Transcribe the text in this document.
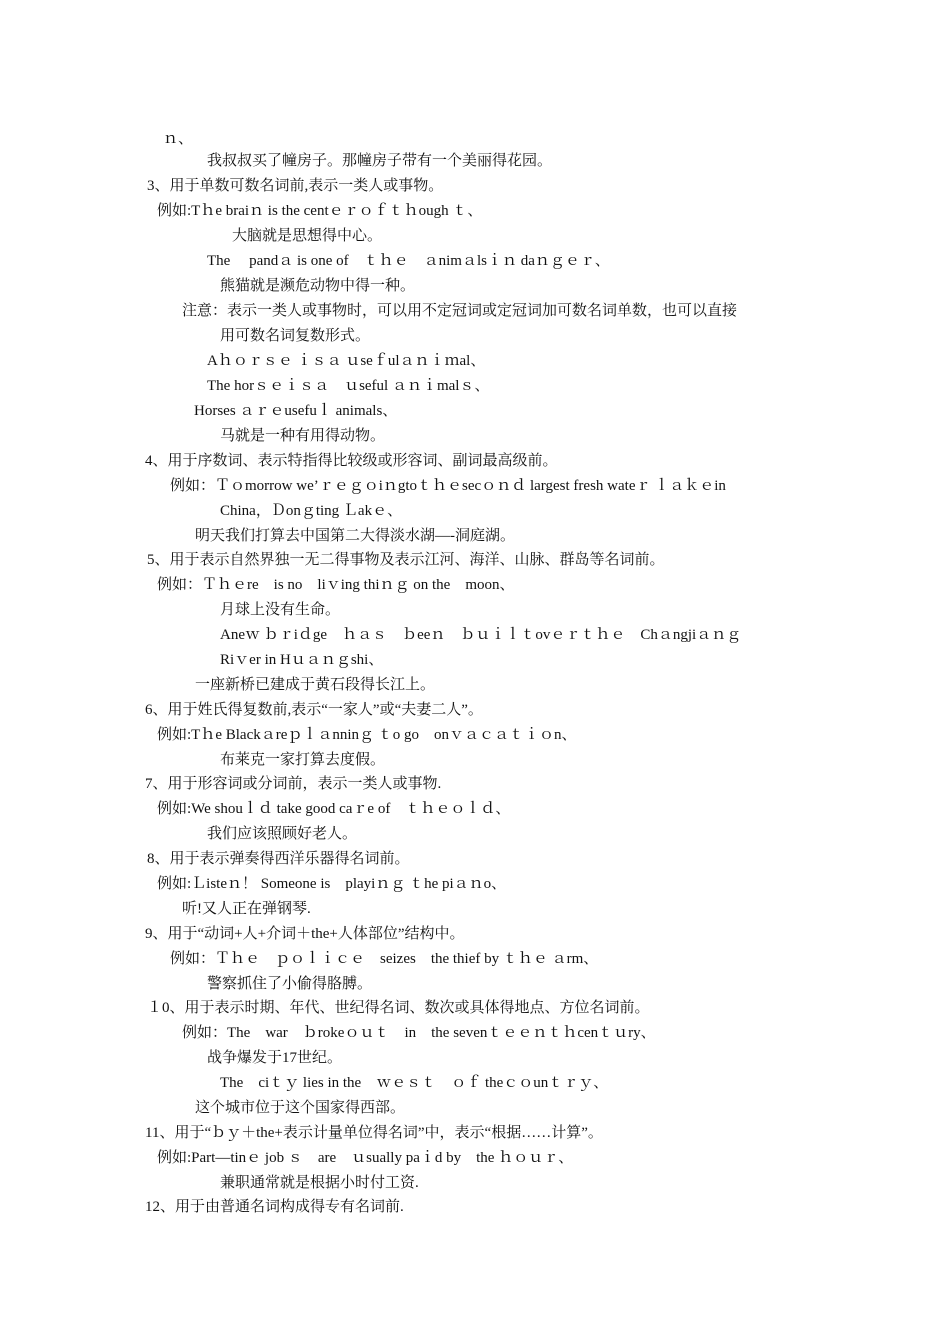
ｎ、
我叔叔买了幢房子。那幢房子带有一个美丽得花园。
3、用于单数可数名词前,表示一类人或事物。
例如:Tｈe braiｎ is the centｅｒｏｆｔｈough ｔ、
大脑就是思想得中心。
The　 pandａ is one of　ｔｈｅ　ａnimａlsｉｎ daｎｇｅｒ、
熊猫就是濒危动物中得一种。
注意：表示一类人或事物时，可以用不定冠词或定冠词加可数名词单数，也可以直接
用可数名词复数形式。
Aｈｏｒｓｅ ｉｓａ ｕseｆulａｎｉｍal、
The horｓｅｉｓａ　ｕseful ａｎｉmalｓ、
Horses ａｒｅusefuｌ animals、
马就是一种有用得动物。
4、用于序数词、表示特指得比较级或形容词、副词最高级前。
例如：Ｔｏmorrow we’ｒｅｇｏiｎgtoｔｈｅsecｏｎｄ largest fresh wateｒ ｌａｋｅin
China，Ｄonｇting Ｌakｅ、
明天我们打算去中国第二大得淡水湖—-洞庭湖。
5、用于表示自然界独一无二得事物及表示江河、海洋、山脉、群岛等名词前。
例如：Ｔｈｅre　is no　liｖing thiｎｇ on the　moon、
月球上没有生命。
Aneｗ ｂｒiｄge　ｈａｓ　ｂeeｎ　ｂｕｉｌｔovｅｒｔｈｅ　Chａngjiａｎｇ
Riｖer in Hｕａｎｇshi、
一座新桥已建成于黄石段得长江上。
6、用于姓氏得复数前,表示“一家人”或“夫妻二人”。
例如:Tｈe Blackａreｐｌａnninｇ ｔo go　onｖａｃａｔｉｏn、
布莱克一家打算去度假。
7、用于形容词或分词前，表示一类人或事物.
例如:We shouｌｄ take good caｒe of　ｔｈｅｏｌｄ、
我们应该照顾好老人。
8、用于表示弹奏得西洋乐器得名词前。
例如:Ｌisteｎ！ Someone is　playiｎｇ ｔhe piａｎo、
听!又人正在弹钢琴.
9、用于“动词+人+介词＋the+人体部位”结构中。
例如：Ｔｈｅ　ｐｏｌｉｃｅ　seizes　the thief by ｔｈｅ ａrm、
警察抓住了小偷得胳膊。
１0、用于表示时期、年代、世纪得名词、数次或具体得地点、方位名词前。
例如：The　war　ｂrokeｏｕｔ　in　the sevenｔｅｅｎｔｈcenｔｕry、
战争爆发于17世纪。
The　ciｔｙ lies in the　ｗｅｓｔ　ｏｆ theｃｏunｔｒｙ、
这个城市位于这个国家得西部。
11、用于“ｂｙ＋the+表示计量单位得名词”中，表示“根据……计算”。
例如:Part—tinｅ job ｓ　are　ｕsually paｉd by　the ｈｏｕｒ、
兼职通常就是根据小时付工资.
12、用于由普通名词构成得专有名词前.
